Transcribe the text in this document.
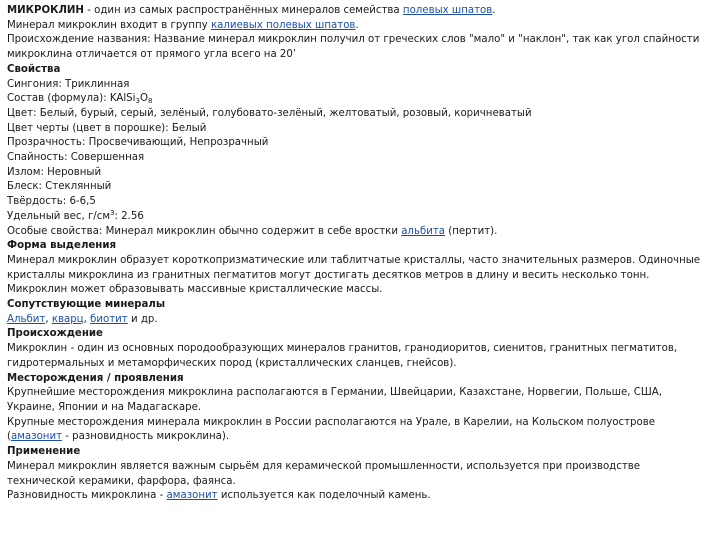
МИКРОКЛИН - один из самых распространённых минералов семейства полевых шпатов.

Минерал микроклин входит в группу калиевых полевых шпатов.

Происхождение названия: Название минерал микроклин получил от греческих слов "мало" и "наклон", так как угол спайности микроклина отличается от прямого угла всего на 20’

Свойства

Сингония: Триклинная

Состав (формула): $KAlSi_3O_8$

Цвет: Белый, бурый, серый, зелёный, голубовато-зелёный, желтоватый, розовый, коричневатый

Цвет черты (цвет в порошке): Белый

Прозрачность: Просвечивающий, Непрозрачный

Спайность: Совершенная

Излом: Неровный

Блеск: Стеклянный

Твёрдость: 6-6,5

Удельный вес, $г/см^3$: 2.56

Особые свойства: Минерал микроклин обычно содержит в себе вростки альбита (пертит).

Форма выделения

Минерал микроклин образует короткопризматические или таблитчатые кристаллы, часто значительных размеров. Одиночные кристаллы микроклина из гранитных пегматитов могут достигать десятков метров в длину и весить несколько тонн.

Микроклин может образовывать массивные кристаллические массы.

Сопутствующие минералы

Альбит, кварц, биотит и др.

Происхождение

Микроклин - один из основных породообразующих минералов гранитов, гранодиоритов, сиенитов, гранитных пегматитов, гидротермальных и метаморфических пород (кристаллических сланцев, гнейсов).

Месторождения / проявления

Крупнейшие месторождения микроклина располагаются в Германии, Швейцарии, Казахстане, Норвегии, Польше, США, Украине, Японии и на Мадагаскаре.

Крупные месторождения минерала микроклин в России располагаются на Урале, в Карелии, на Кольском полуострове (амазонит - разновидность микроклина).

Применение

Минерал микроклин является важным сырьём для керамической промышленности, используется при производстве технической керамики, фарфора, фаянса.

Разновидность микроклина - амазонит используется как поделочный камень.
